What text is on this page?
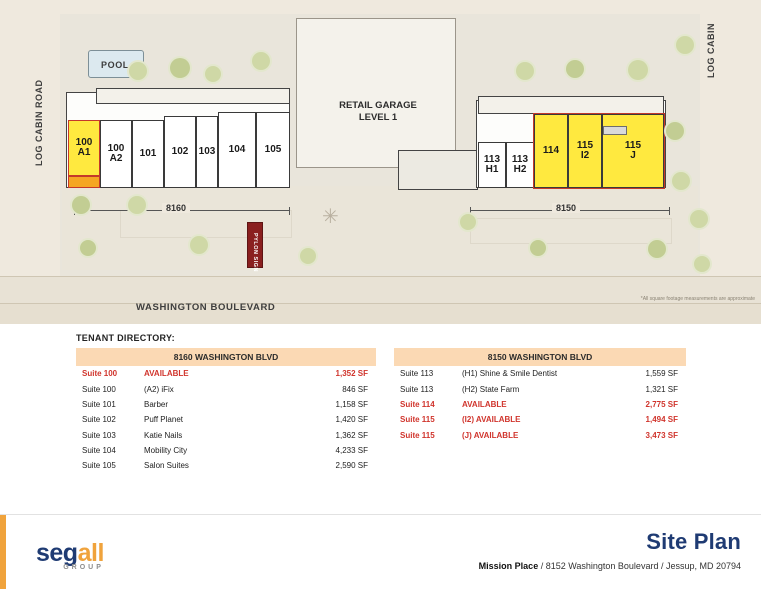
LOG CABIN ROAD
LOG CABIN
WASHINGTON BOULEVARD
POOL
100
A1	100
A2	101	102	103	104	105
8160
PYLON SIGN
RETAIL GARAGE
LEVEL 1

113
H1
113
H2
114	115
I2
115
J
8150
✳
*All square footage measurements are approximate
TENANT DIRECTORY:
8160 WASHINGTON BLVD
Suite 100	AVAILABLE	1,352 SF
Suite 100	(A2) iFix	846 SF
Suite 101	Barber	1,158 SF
Suite 102	Puff Planet	1,420 SF
Suite 103	Katie Nails	1,362 SF
Suite 104	Mobility City	4,233 SF
Suite 105	Salon Suites	2,590 SF
8150 WASHINGTON BLVD
Suite 113	(H1) Shine & Smile Dentist	1,559 SF
Suite 113	(H2) State Farm	1,321 SF
Suite 114	AVAILABLE	2,775 SF
Suite 115	(I2) AVAILABLE	1,494 SF
Suite 115	(J) AVAILABLE	3,473 SF
segall
GROUP
Site Plan
Mission Place / 8152 Washington Boulevard / Jessup, MD 20794
